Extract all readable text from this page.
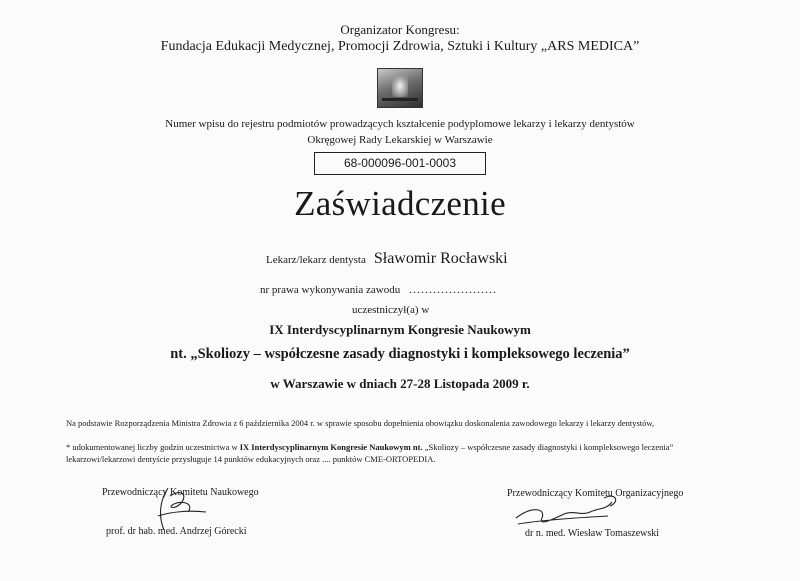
Organizator Kongresu:
Fundacja Edukacji Medycznej, Promocji Zdrowia, Sztuki i Kultury „ARS MEDICA”
Numer wpisu do rejestru podmiotów prowadzących kształcenie podyplomowe lekarzy i lekarzy dentystów
Okręgowej Rady Lekarskiej w Warszawie
68-000096-001-0003
Zaświadczenie
Lekarz/lekarz dentysta Sławomir Rocławski
nr prawa wykonywania zawodu ......................
uczestniczył(a) w
IX Interdyscyplinarnym Kongresie Naukowym
nt. „Skoliozy – współczesne zasady diagnostyki i kompleksowego leczenia”
w Warszawie w dniach 27-28 Listopada 2009 r.
Na podstawie Rozporządzenia Ministra Zdrowia z 6 października 2004 r. w sprawie sposobu dopełnienia obowiązku doskonalenia zawodowego lekarzy i lekarzy dentystów,
* udokumentowanej liczby godzin uczestnictwa w IX Interdyscyplinarnym Kongresie Naukowym nt. „Skoliozy – współczesne zasady diagnostyki i kompleksowego leczenia” lekarzowi/lekarzowi dentyście przysługuje 14 punktów edukacyjnych oraz .... punktów CME-ORTOPEDIA.
Przewodniczący Komitetu Naukowego
prof. dr hab. med. Andrzej Górecki
Przewodniczący Komitetu Organizacyjnego
dr n. med. Wiesław Tomaszewski
